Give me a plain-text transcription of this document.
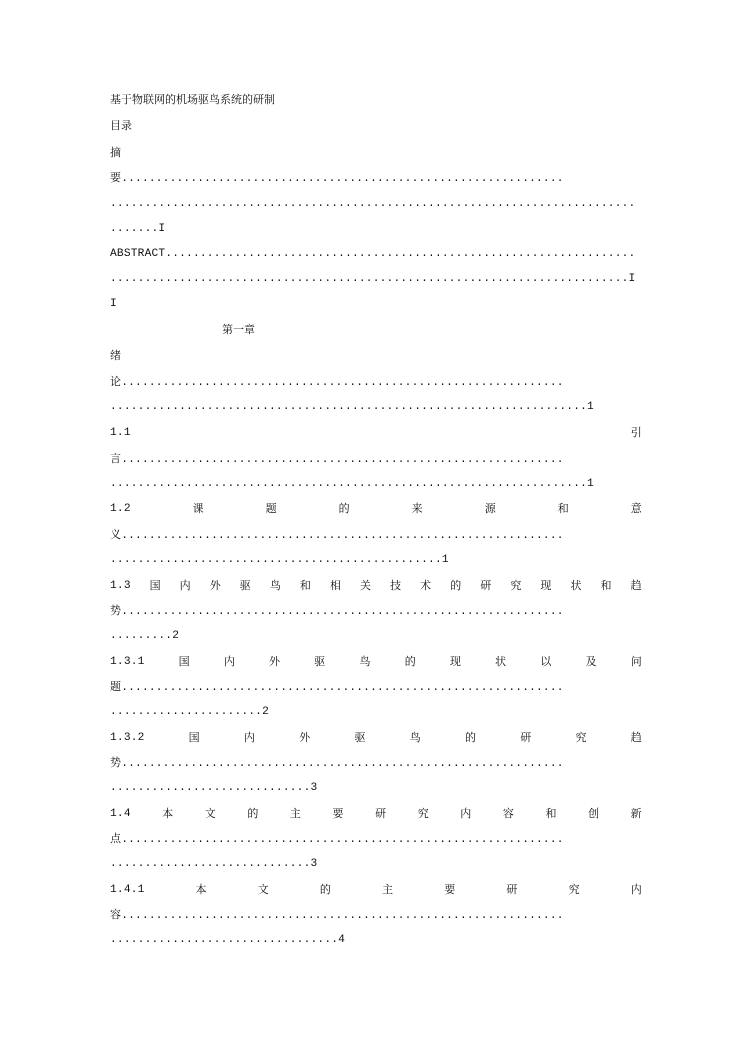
基于物联网的机场驱鸟系统的研制
目录
摘
要................................................................
............................................................................
.......I
ABSTRACT....................................................................
...........................................................................I
I
第一章
绪
论................................................................
.....................................................................1
1.1	引
言................................................................
.....................................................................1
1.2	课	题	的	来	源	和	意
义................................................................
................................................1
1.3 国 内 外 驱 鸟 和 相 关 技 术 的 研 究 现 状 和 趋
势................................................................
.........2
1.3.1	国	内	外	驱	鸟	的	现	状	以	及	问
题................................................................
......................2
1.3.2	国	内	外	驱	鸟	的	研	究	趋
势................................................................
.............................3
1.4	本	文	的	主	要	研	究	内	容	和	创	新
点................................................................
.............................3
1.4.1	本	文	的	主	要	研	究	内
容................................................................
.................................4
